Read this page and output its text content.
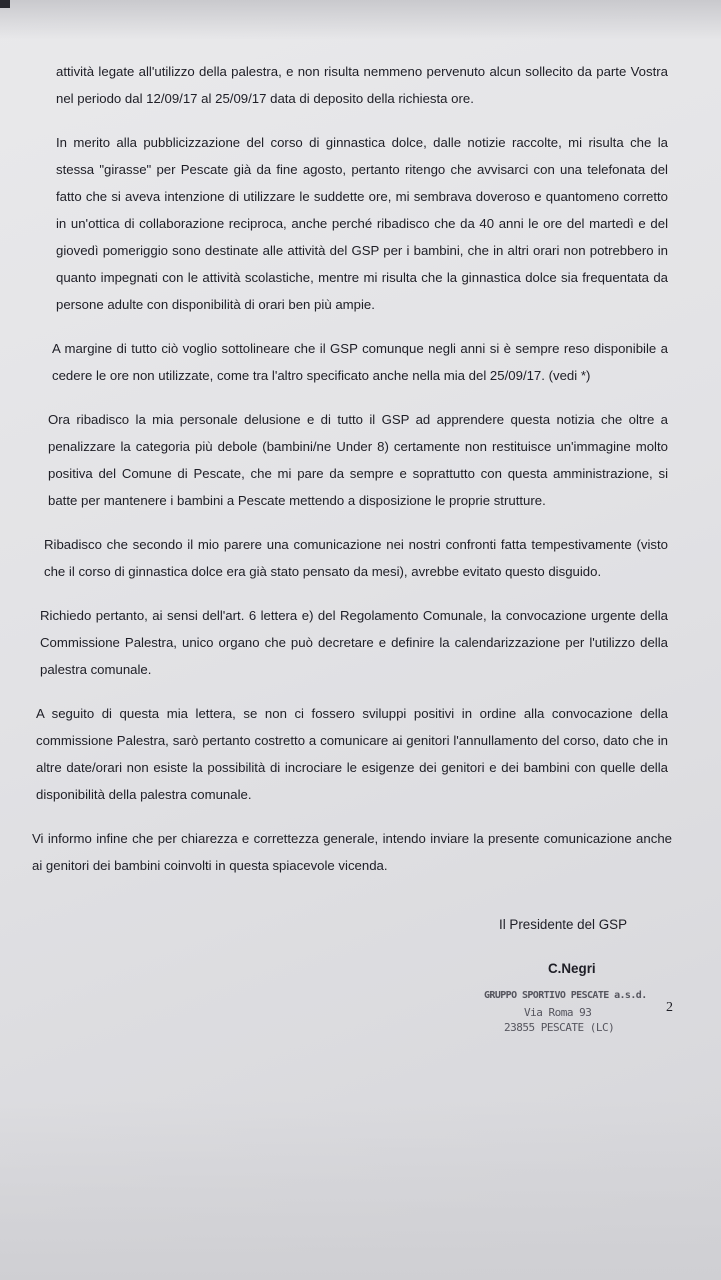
attività legate all'utilizzo della palestra, e non risulta nemmeno pervenuto alcun sollecito da parte Vostra nel periodo dal 12/09/17 al 25/09/17 data di deposito della richiesta ore.

In merito alla pubblicizzazione del corso di ginnastica dolce, dalle notizie raccolte, mi risulta che la stessa "girasse" per Pescate già da fine agosto, pertanto ritengo che avvisarci con una telefonata del fatto che si aveva intenzione di utilizzare le suddette ore, mi sembrava doveroso e quantomeno corretto in un'ottica di collaborazione reciproca, anche perché ribadisco che da 40 anni le ore del martedì e del giovedì pomeriggio sono destinate alle attività del GSP per i bambini, che in altri orari non potrebbero in quanto impegnati con le attività scolastiche, mentre mi risulta che la ginnastica dolce sia frequentata da persone adulte con disponibilità di orari ben più ampie.

A margine di tutto ciò voglio sottolineare che il GSP comunque negli anni si è sempre reso disponibile a cedere le ore non utilizzate, come tra l'altro specificato anche nella mia del 25/09/17. (vedi *)

Ora ribadisco la mia personale delusione e di tutto il GSP ad apprendere questa notizia che oltre a penalizzare la categoria più debole (bambini/ne Under 8) certamente non restituisce un'immagine molto positiva del Comune di Pescate, che mi pare da sempre e soprattutto con questa amministrazione, si batte per mantenere i bambini a Pescate mettendo a disposizione le proprie strutture.

Ribadisco che secondo il mio parere una comunicazione nei nostri confronti fatta tempestivamente (visto che il corso di ginnastica dolce era già stato pensato da mesi), avrebbe evitato questo disguido.

Richiedo pertanto, ai sensi dell'art. 6 lettera e) del Regolamento Comunale, la convocazione urgente della Commissione Palestra, unico organo che può decretare e definire la calendarizzazione per l'utilizzo della palestra comunale.

A seguito di questa mia lettera, se non ci fossero sviluppi positivi in ordine alla convocazione della commissione Palestra, sarò pertanto costretto a comunicare ai genitori l'annullamento del corso, dato che in altre date/orari non esiste la possibilità di incrociare le esigenze dei genitori e dei bambini con quelle della disponibilità della palestra comunale.

Vi informo infine che per chiarezza e correttezza generale, intendo inviare la presente comunicazione anche ai genitori dei bambini coinvolti in questa spiacevole vicenda.

Il Presidente del GSP
C.Negri
GRUPPO SPORTIVO PESCATE a.s.d.
Via Roma 93
23855 PESCATE (LC)
2
